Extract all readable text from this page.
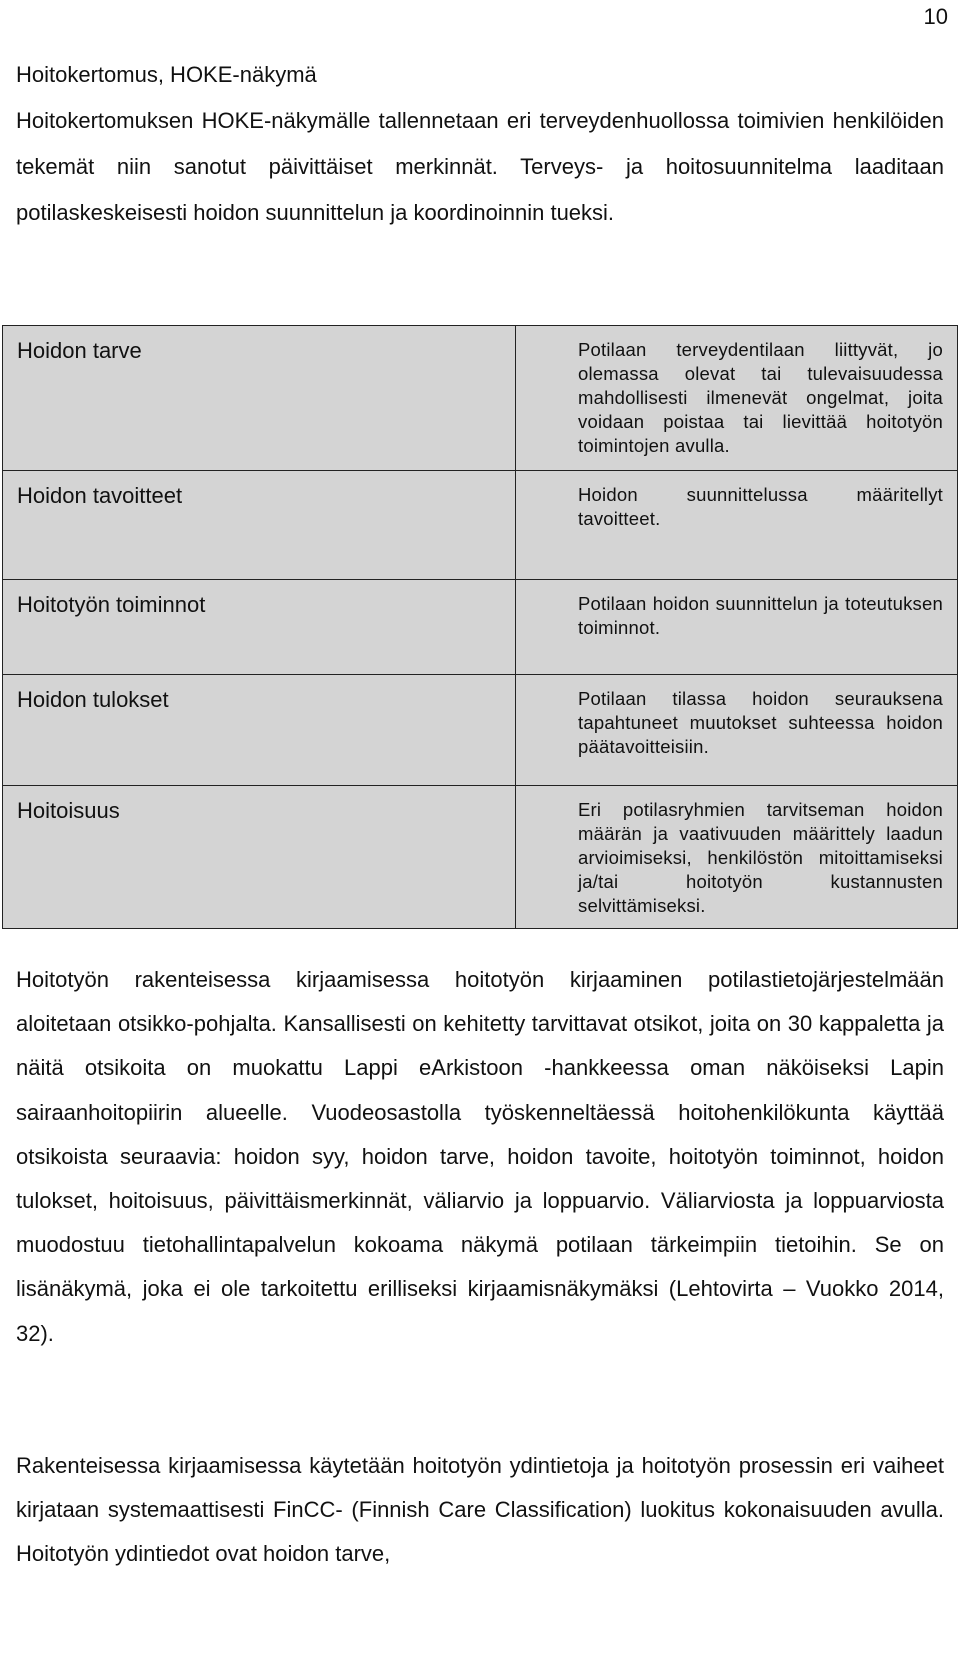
10
Hoitokertomus, HOKE-näkymä
Hoitokertomuksen HOKE-näkymälle tallennetaan eri terveydenhuollossa toimivien henkilöiden tekemät niin sanotut päivittäiset merkinnät. Terveys- ja hoitosuunnitelma laaditaan potilaskeskeisesti hoidon suunnittelun ja koordinoinnin tueksi.
Hoidon tarve	Potilaan terveydentilaan liittyvät, jo olemassa olevat tai tulevaisuudessa mahdollisesti ilmenevät ongelmat, joita voidaan poistaa tai lievittää hoitotyön toimintojen avulla.
Hoidon tavoitteet	Hoidon suunnittelussa määritellyt tavoitteet.
Hoitotyön toiminnot	Potilaan hoidon suunnittelun ja toteutuksen toiminnot.
Hoidon tulokset	Potilaan tilassa hoidon seurauksena tapahtuneet muutokset suhteessa hoidon päätavoitteisiin.
Hoitoisuus	Eri potilasryhmien tarvitseman hoidon määrän ja vaativuuden määrittely laadun arvioimiseksi, henkilöstön mitoittamiseksi ja/tai hoitotyön kustannusten selvittämiseksi.
Hoitotyön rakenteisessa kirjaamisessa hoitotyön kirjaaminen potilastietojärjestelmään aloitetaan otsikko-pohjalta. Kansallisesti on kehitetty tarvittavat otsikot, joita on 30 kappaletta ja näitä otsikoita on muokattu Lappi eArkistoon -hankkeessa oman näköiseksi Lapin sairaanhoitopiirin alueelle. Vuodeosastolla työskenneltäessä hoitohenkilökunta käyttää otsikoista seuraavia: hoidon syy, hoidon tarve, hoidon tavoite, hoitotyön toiminnot, hoidon tulokset, hoitoisuus, päivittäismerkinnät, väliarvio ja loppuarvio. Väliarviosta ja loppuarviosta muodostuu tietohallintapalvelun kokoama näkymä potilaan tärkeimpiin tietoihin. Se on lisänäkymä, joka ei ole tarkoitettu erilliseksi kirjaamisnäkymäksi (Lehtovirta – Vuokko 2014, 32).
Rakenteisessa kirjaamisessa käytetään hoitotyön ydintietoja ja hoitotyön prosessin eri vaiheet kirjataan systemaattisesti FinCC- (Finnish Care Classification) luokitus kokonaisuuden avulla. Hoitotyön ydintiedot ovat hoidon tarve,
